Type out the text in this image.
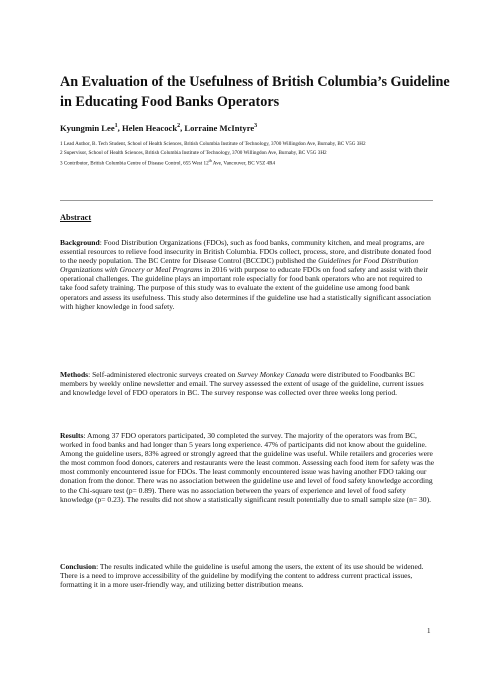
An Evaluation of the Usefulness of British Columbia’s Guideline in Educating Food Banks Operators
Kyungmin Lee$^1$, Helen Heacock$^2$, Lorraine McIntyre$^3$

1 Lead Author, B. Tech Student, School of Health Sciences, British Columbia Institute of Technology, 3700 Willingdon Ave, Burnaby, BC V5G 3H2

2 Supervisor, School of Health Sciences, British Columbia Institute of Technology, 3700 Willingdon Ave, Burnaby, BC V5G 3H2

3 Contributor, British Columbia Centre of Disease Control, 655 West 12th Ave, Vancouver, BC V5Z 4R4

Abstract

Background: Food Distribution Organizations (FDOs), such as food banks, community kitchen, and meal programs, are essential resources to relieve food insecurity in British Columbia. FDOs collect, process, store, and distribute donated food to the needy population. The BC Centre for Disease Control (BCCDC) published the Guidelines for Food Distribution Organizations with Grocery or Meal Programs in 2016 with purpose to educate FDOs on food safety and assist with their operational challenges. The guideline plays an important role especially for food bank operators who are not required to take food safety training. The purpose of this study was to evaluate the extent of the guideline use among food bank operators and assess its usefulness. This study also determines if the guideline use had a statistically significant association with higher knowledge in food safety.

Methods: Self-administered electronic surveys created on Survey Monkey Canada were distributed to Foodbanks BC members by weekly online newsletter and email. The survey assessed the extent of usage of the guideline, current issues and knowledge level of FDO operators in BC. The survey response was collected over three weeks long period.

Results: Among 37 FDO operators participated, 30 completed the survey. The majority of the operators was from BC, worked in food banks and had longer than 5 years long experience. 47% of participants did not know about the guideline. Among the guideline users, 83% agreed or strongly agreed that the guideline was useful. While retailers and groceries were the most common food donors, caterers and restaurants were the least common. Assessing each food item for safety was the most commonly encountered issue for FDOs. The least commonly encountered issue was having another FDO taking our donation from the donor. There was no association between the guideline use and level of food safety knowledge according to the Chi-square test (p= 0.89). There was no association between the years of experience and level of food safety knowledge (p= 0.23). The results did not show a statistically significant result potentially due to small sample size (n= 30).

Conclusion: The results indicated while the guideline is useful among the users, the extent of its use should be widened. There is a need to improve accessibility of the guideline by modifying the content to address current practical issues, formatting it in a more user-friendly way, and utilizing better distribution means.

1
